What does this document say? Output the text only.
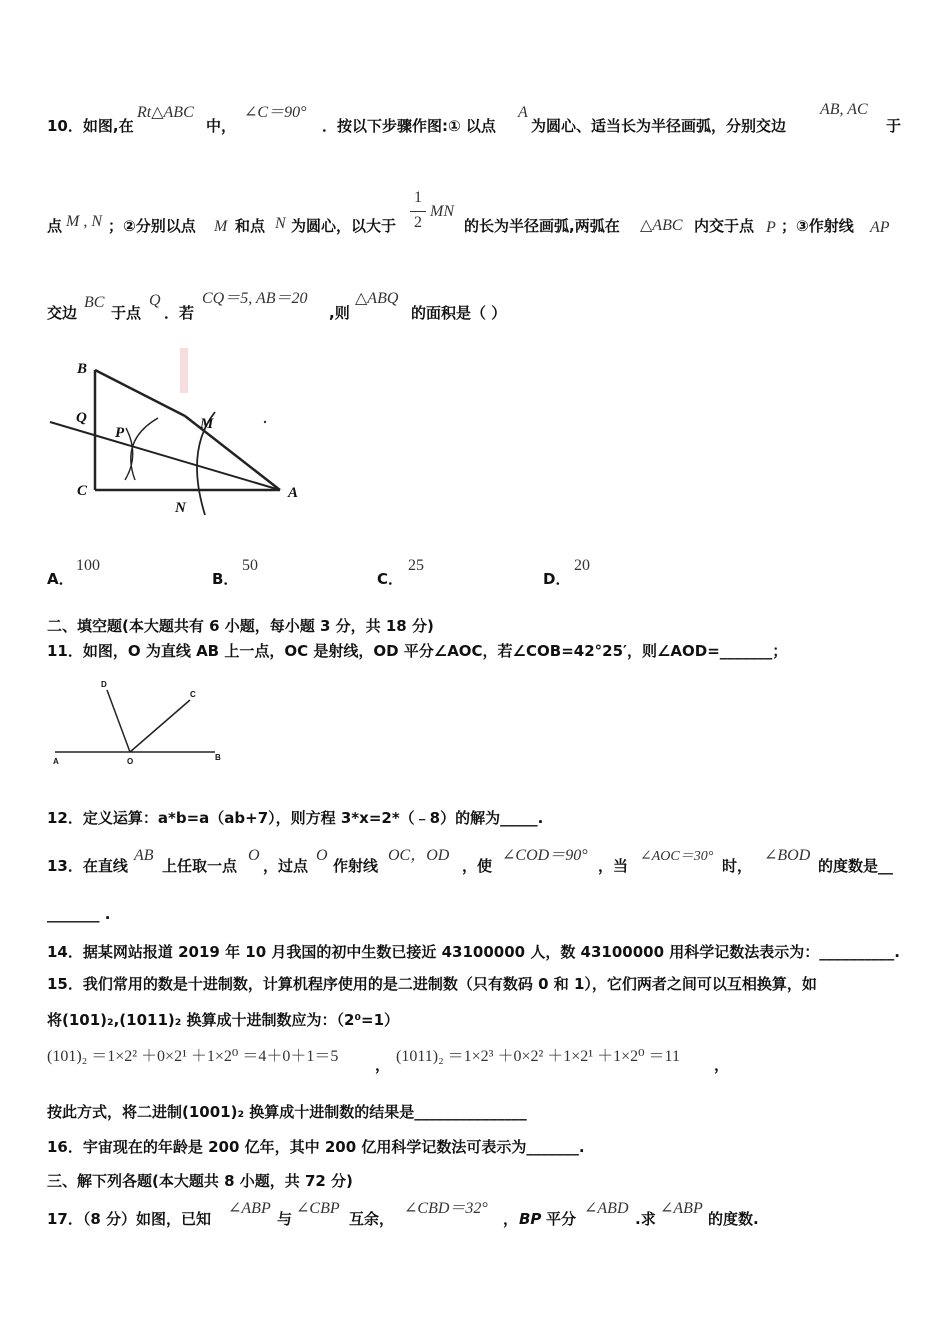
10．如图,在
Rt△ABC
中，
∠C＝90°
．按以下步骤作图:① 以点
A
为圆心、适当长为半径画弧，分别交边
AB, AC
于
点 M , N ；②分别以点 M 和点 N 为圆心，以大于
1
2
MN
的长为半径画弧,两弧在 △ABC 内交于点 P ；③作射线 AP
交边
BC
于点
Q
．若
CQ＝5, AB＝20
,则
△ABQ
的面积是（ ）
B
Q
P
M
C
N
A
A．
100
B．
50
C．
25
D．
20
二、填空题(本大题共有 6 小题，每小题 3 分，共 18 分)
11．如图，O 为直线 AB 上一点，OC 是射线，OD 平分∠AOC，若∠COB=42°25′，则∠AOD=_______；
D
C
A	O	B
12．定义运算：a*b=a（ab+7），则方程 3*x=2*（﹣8）的解为_____.
13．在直线
AB
上任取一点
O
，过点
O
作射线
OC，OD
，使
∠COD＝90°
，当
∠AOC＝30°
时，
∠BOD
的度数是__
_______ .
14．据某网站报道 2019 年 10 月我国的初中生数已接近 43100000 人，数 43100000 用科学记数法表示为：__________.
15．我们常用的数是十进制数，计算机程序使用的是二进制数（只有数码 0 和 1），它们两者之间可以互相换算，如
将(101)₂,(1011)₂ 换算成十进制数应为：（2⁰=1）
(101)₂ ＝1×2² ＋0×2¹ ＋1×2⁰ ＝4＋0＋1＝5 ， (1011)₂ ＝1×2³ ＋0×2² ＋1×2¹ ＋1×2⁰ ＝11 ，
按此方式，将二进制(1001)₂ 换算成十进制数的结果是_______________
16．宇宙现在的年龄是 200 亿年，其中 200 亿用科学记数法可表示为_______.
三、解下列各题(本大题共 8 小题，共 72 分)
17．（8 分）如图，已知
∠ABP
与
∠CBP
互余，
∠CBD＝32°
， BP 平分
∠ABD
.求
∠ABP
的度数.
